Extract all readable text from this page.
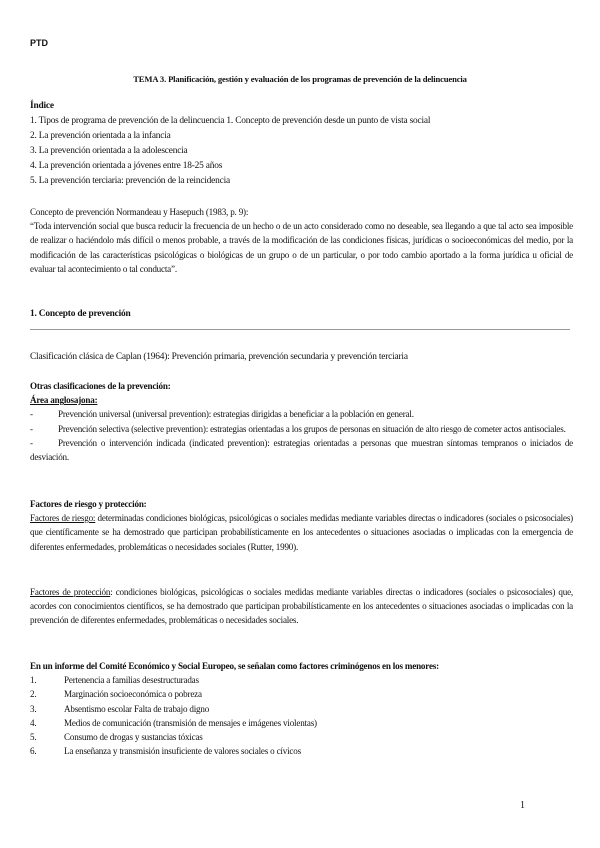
PTD
TEMA 3. Planificación, gestión y evaluación de los programas de prevención de la delincuencia

Índice

1. Tipos de programa de prevención de la delincuencia 1. Concepto de prevención desde un punto de vista social

2. La prevención orientada a la infancia

3. La prevención orientada a la adolescencia

4. La prevención orientada a jóvenes entre 18-25 años

5. La prevención terciaria: prevención de la reincidencia

Concepto de prevención Normandeau y Hasepuch (1983, p. 9):

“Toda intervención social que busca reducir la frecuencia de un hecho o de un acto considerado como no deseable, sea llegando a que tal acto sea imposible de realizar o haciéndolo más difícil o menos probable, a través de la modificación de las condiciones físicas, jurídicas o socioeconómicas del medio, por la modificación de las características psicológicas o biológicas de un grupo o de un particular, o por todo cambio aportado a la forma jurídica u oficial de evaluar tal acontecimiento o tal conducta”.

1. Concepto de prevención
Clasificación clásica de Caplan (1964): Prevención primaria, prevención secundaria y prevención terciaria

Otras clasificaciones de la prevención:

Área anglosajona:

-	Prevención universal (universal prevention): estrategias dirigidas a beneficiar a la población en general.

-	Prevención selectiva (selective prevention): estrategias orientadas a los grupos de personas en situación de alto riesgo de cometer actos antisociales.

-	Prevención o intervención indicada (indicated prevention): estrategias orientadas a personas que muestran síntomas tempranos o iniciados de desviación.

Factores de riesgo y protección:

Factores de riesgo: determinadas condiciones biológicas, psicológicas o sociales medidas mediante variables directas o indicadores (sociales o psicosociales) que científicamente se ha demostrado que participan probabilísticamente en los antecedentes o situaciones asociadas o implicadas con la emergencia de diferentes enfermedades, problemáticas o necesidades sociales (Rutter, 1990).

Factores de protección: condiciones biológicas, psicológicas o sociales medidas mediante variables directas o indicadores (sociales o psicosociales) que, acordes con conocimientos científicos, se ha demostrado que participan probabilísticamente en los antecedentes o situaciones asociadas o implicadas con la prevención de diferentes enfermedades, problemáticas o necesidades sociales.

En un informe del Comité Económico y Social Europeo, se señalan como factores criminógenos en los menores:

1.	Pertenencia a familias desestructuradas
2.	Marginación socioeconómica o pobreza
3.	Absentismo escolar Falta de trabajo digno
4.	Medios de comunicación (transmisión de mensajes e imágenes violentas)
5.	Consumo de drogas y sustancias tóxicas
6.	La enseñanza y transmisión insuficiente de valores sociales o cívicos
1
